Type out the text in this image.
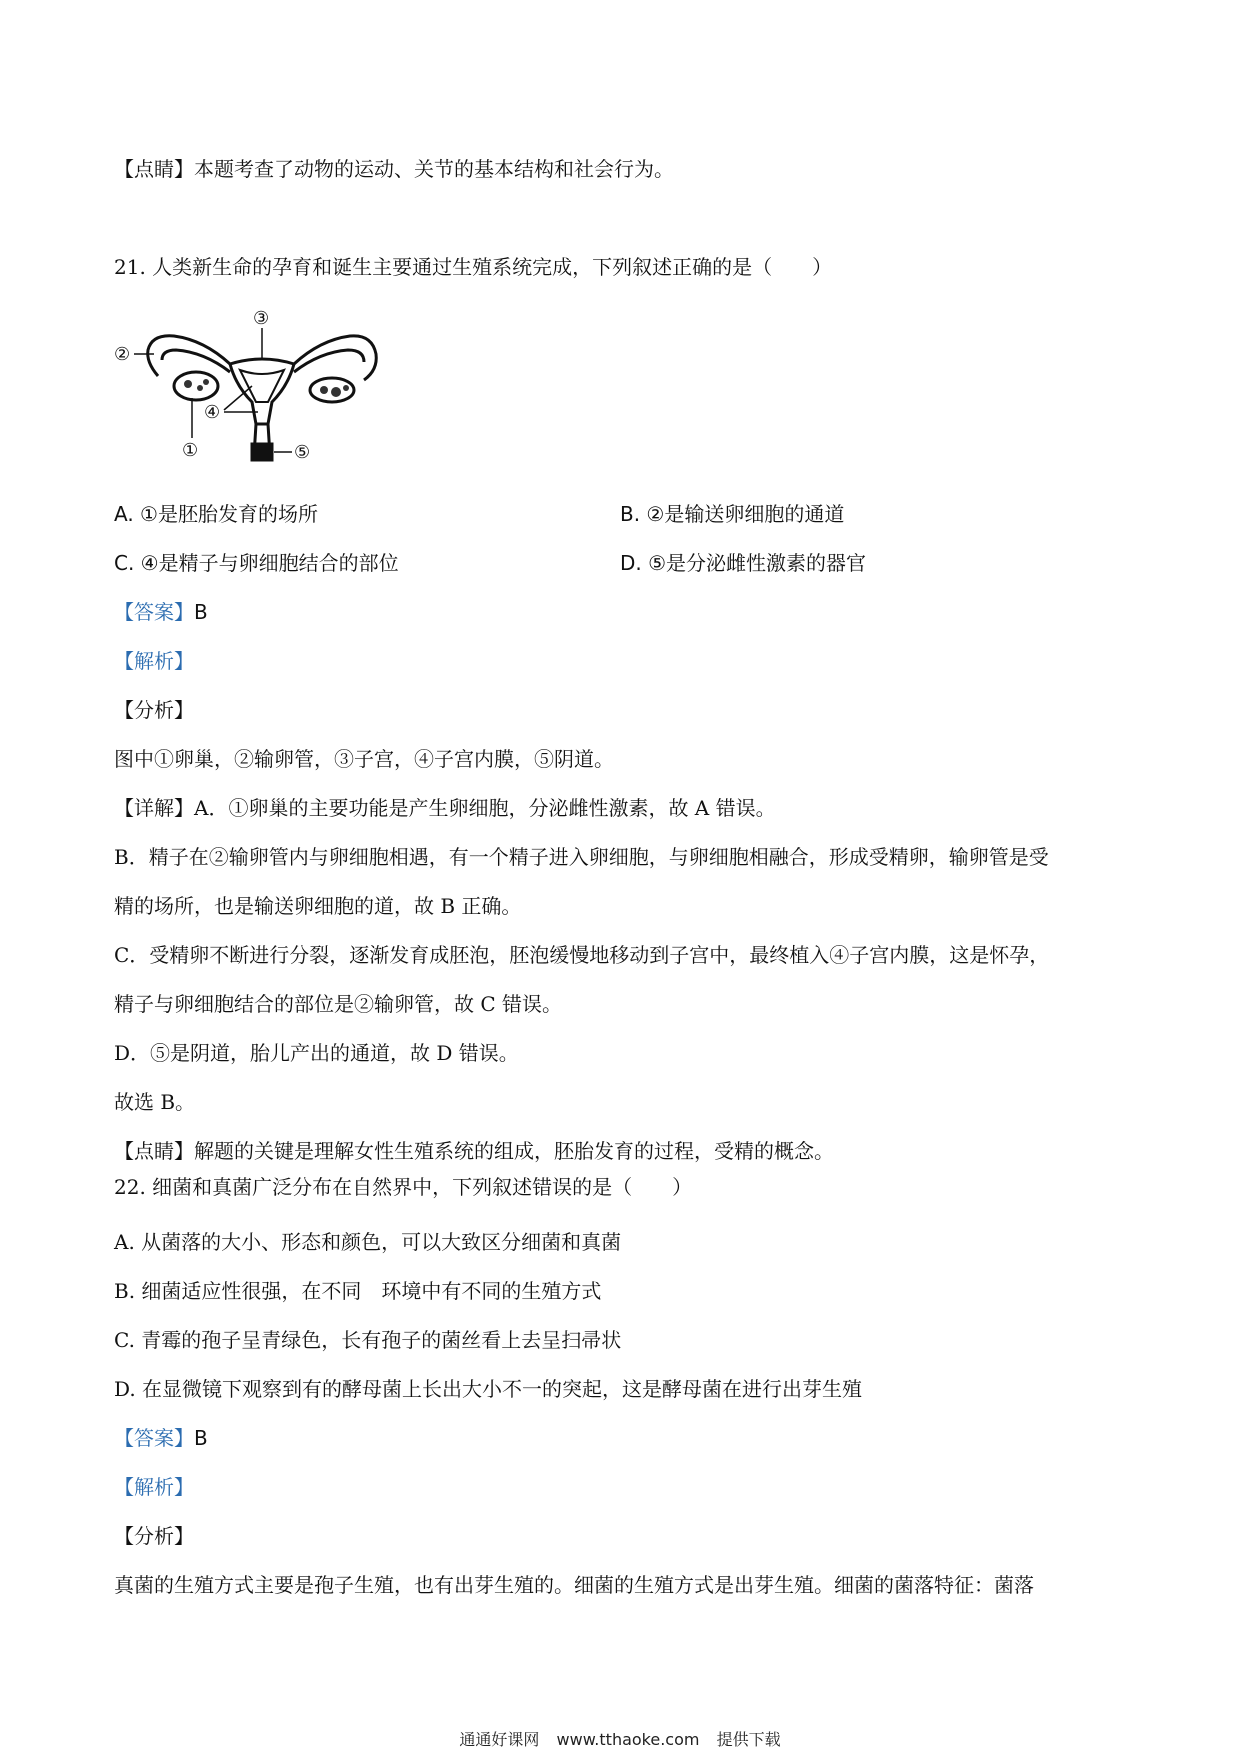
【点睛】本题考查了动物的运动、关节的基本结构和社会行为。
21. 人类新生命的孕育和诞生主要通过生殖系统完成，下列叙述正确的是（　　）
②
③
④
①	⑤
A. ①是胚胎发育的场所	B. ②是输送卵细胞的通道
C. ④是精子与卵细胞结合的部位	D. ⑤是分泌雌性激素的器官
【答案】B
【解析】
【分析】
图中①卵巢，②输卵管，③子宫，④子宫内膜，⑤阴道。
【详解】A．①卵巢的主要功能是产生卵细胞，分泌雌性激素，故 A 错误。
B．精子在②输卵管内与卵细胞相遇，有一个精子进入卵细胞，与卵细胞相融合，形成受精卵，输卵管是受
精的场所，也是输送卵细胞的道，故 B 正确。
C．受精卵不断进行分裂，逐渐发育成胚泡，胚泡缓慢地移动到子宫中，最终植入④子宫内膜，这是怀孕，
精子与卵细胞结合的部位是②输卵管，故 C 错误。
D．⑤是阴道，胎儿产出的通道，故 D 错误。
故选 B。
【点睛】解题的关键是理解女性生殖系统的组成，胚胎发育的过程，受精的概念。
22. 细菌和真菌广泛分布在自然界中，下列叙述错误的是（　　）
A. 从菌落的大小、形态和颜色，可以大致区分细菌和真菌
B. 细菌适应性很强，在不同　环境中有不同的生殖方式
C. 青霉的孢子呈青绿色，长有孢子的菌丝看上去呈扫帚状
D. 在显微镜下观察到有的酵母菌上长出大小不一的突起，这是酵母菌在进行出芽生殖
【答案】B
【解析】
【分析】
真菌的生殖方式主要是孢子生殖，也有出芽生殖的。细菌的生殖方式是出芽生殖。细菌的菌落特征：菌落
通通好课网 www.tthaoke.com 提供下载
